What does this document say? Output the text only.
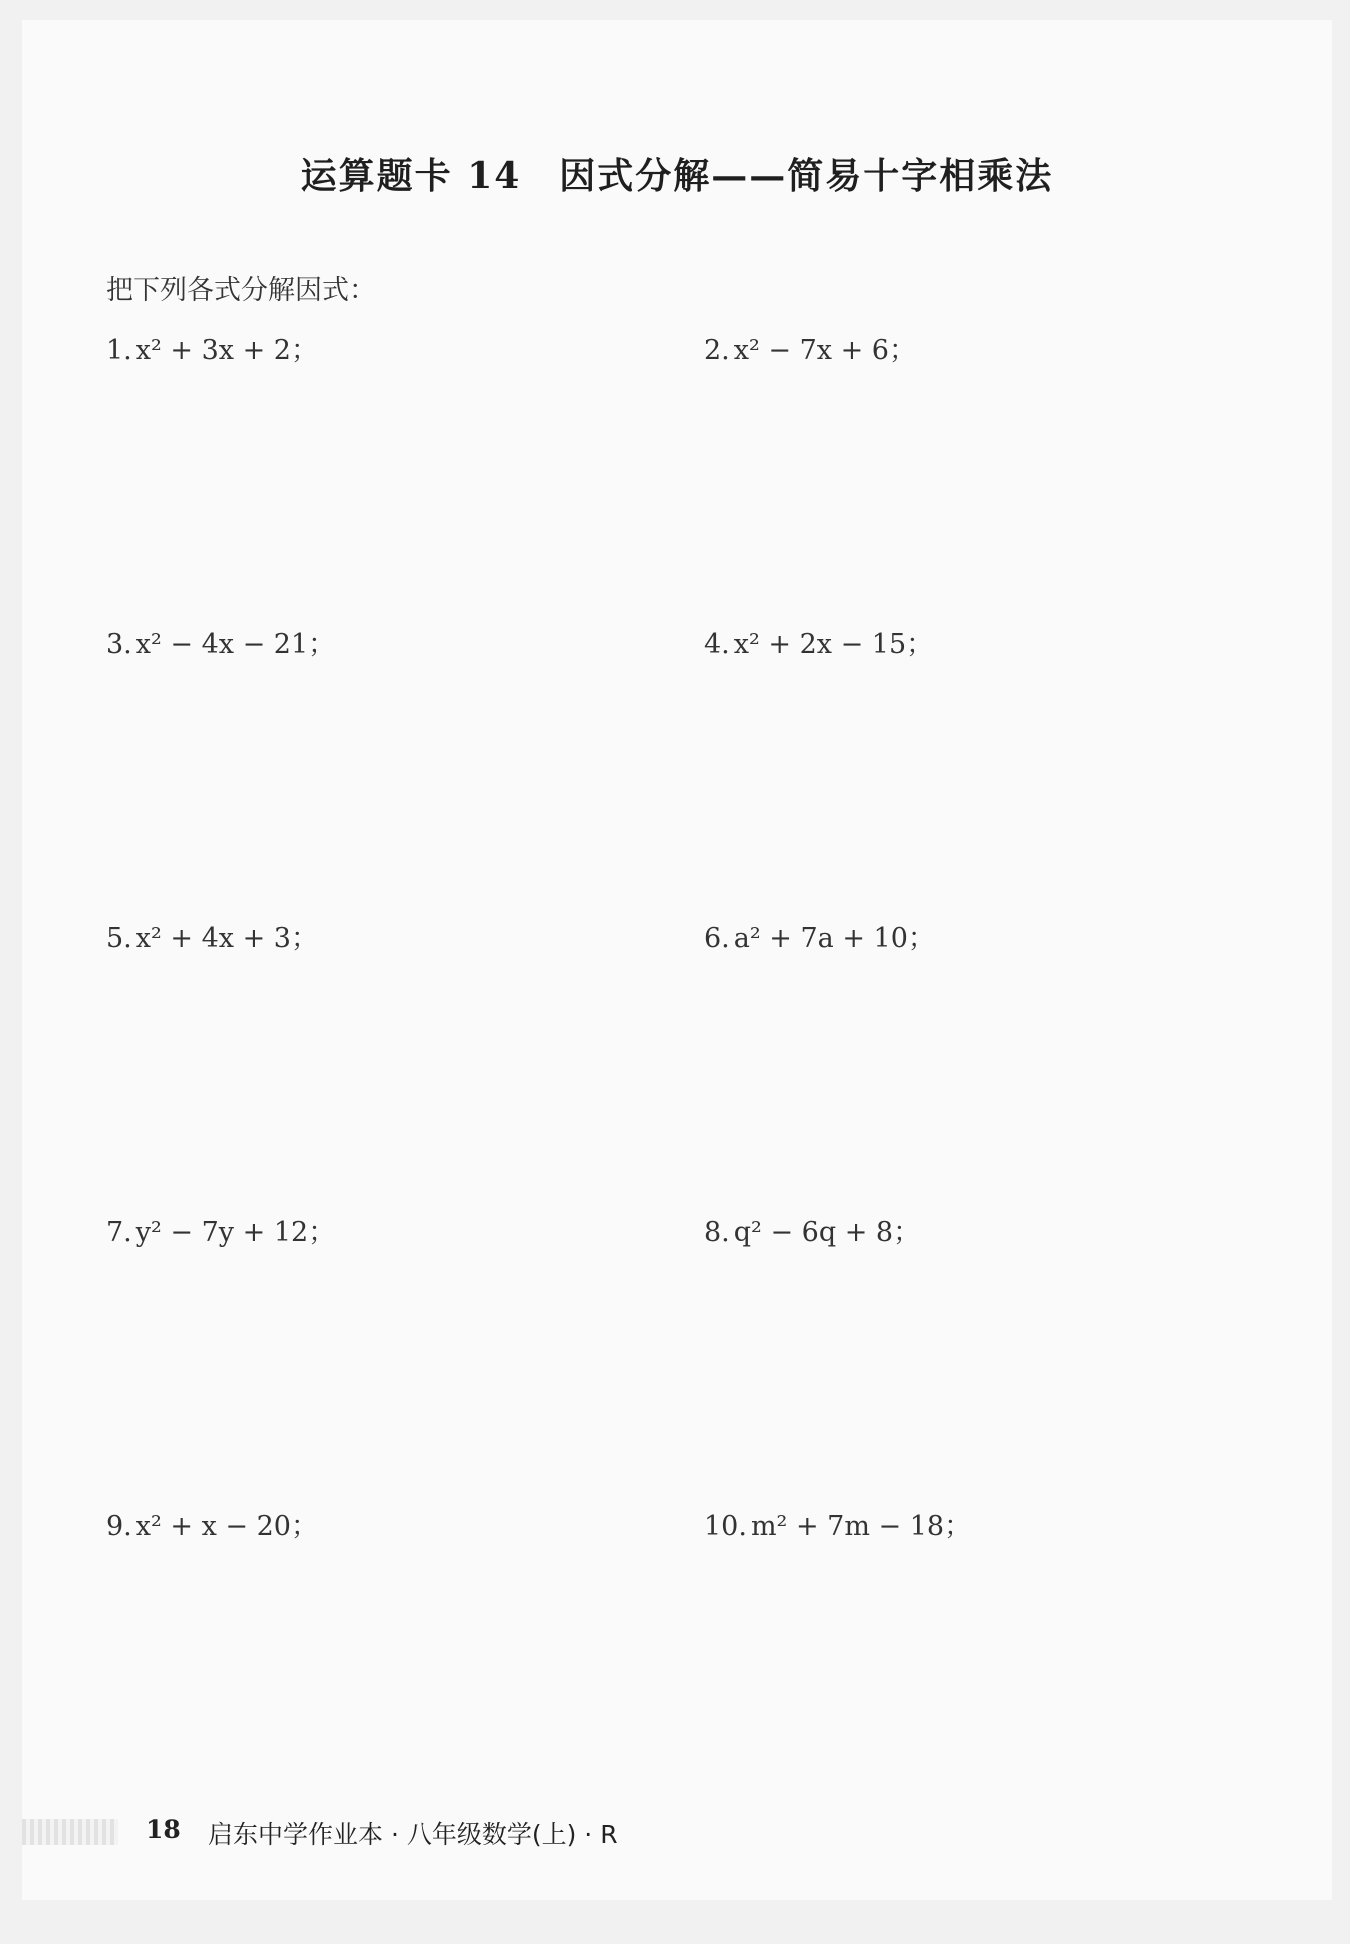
运算题卡 14　因式分解——简易十字相乘法
把下列各式分解因式：
1. x² + 3x + 2；	2. x² − 7x + 6；
3. x² − 4x − 21；	4. x² + 2x − 15；
5. x² + 4x + 3；	6. a² + 7a + 10；
7. y² − 7y + 12；	8. q² − 6q + 8；
9. x² + x − 20；	10. m² + 7m − 18；
18 启东中学作业本 · 八年级数学(上) · R
